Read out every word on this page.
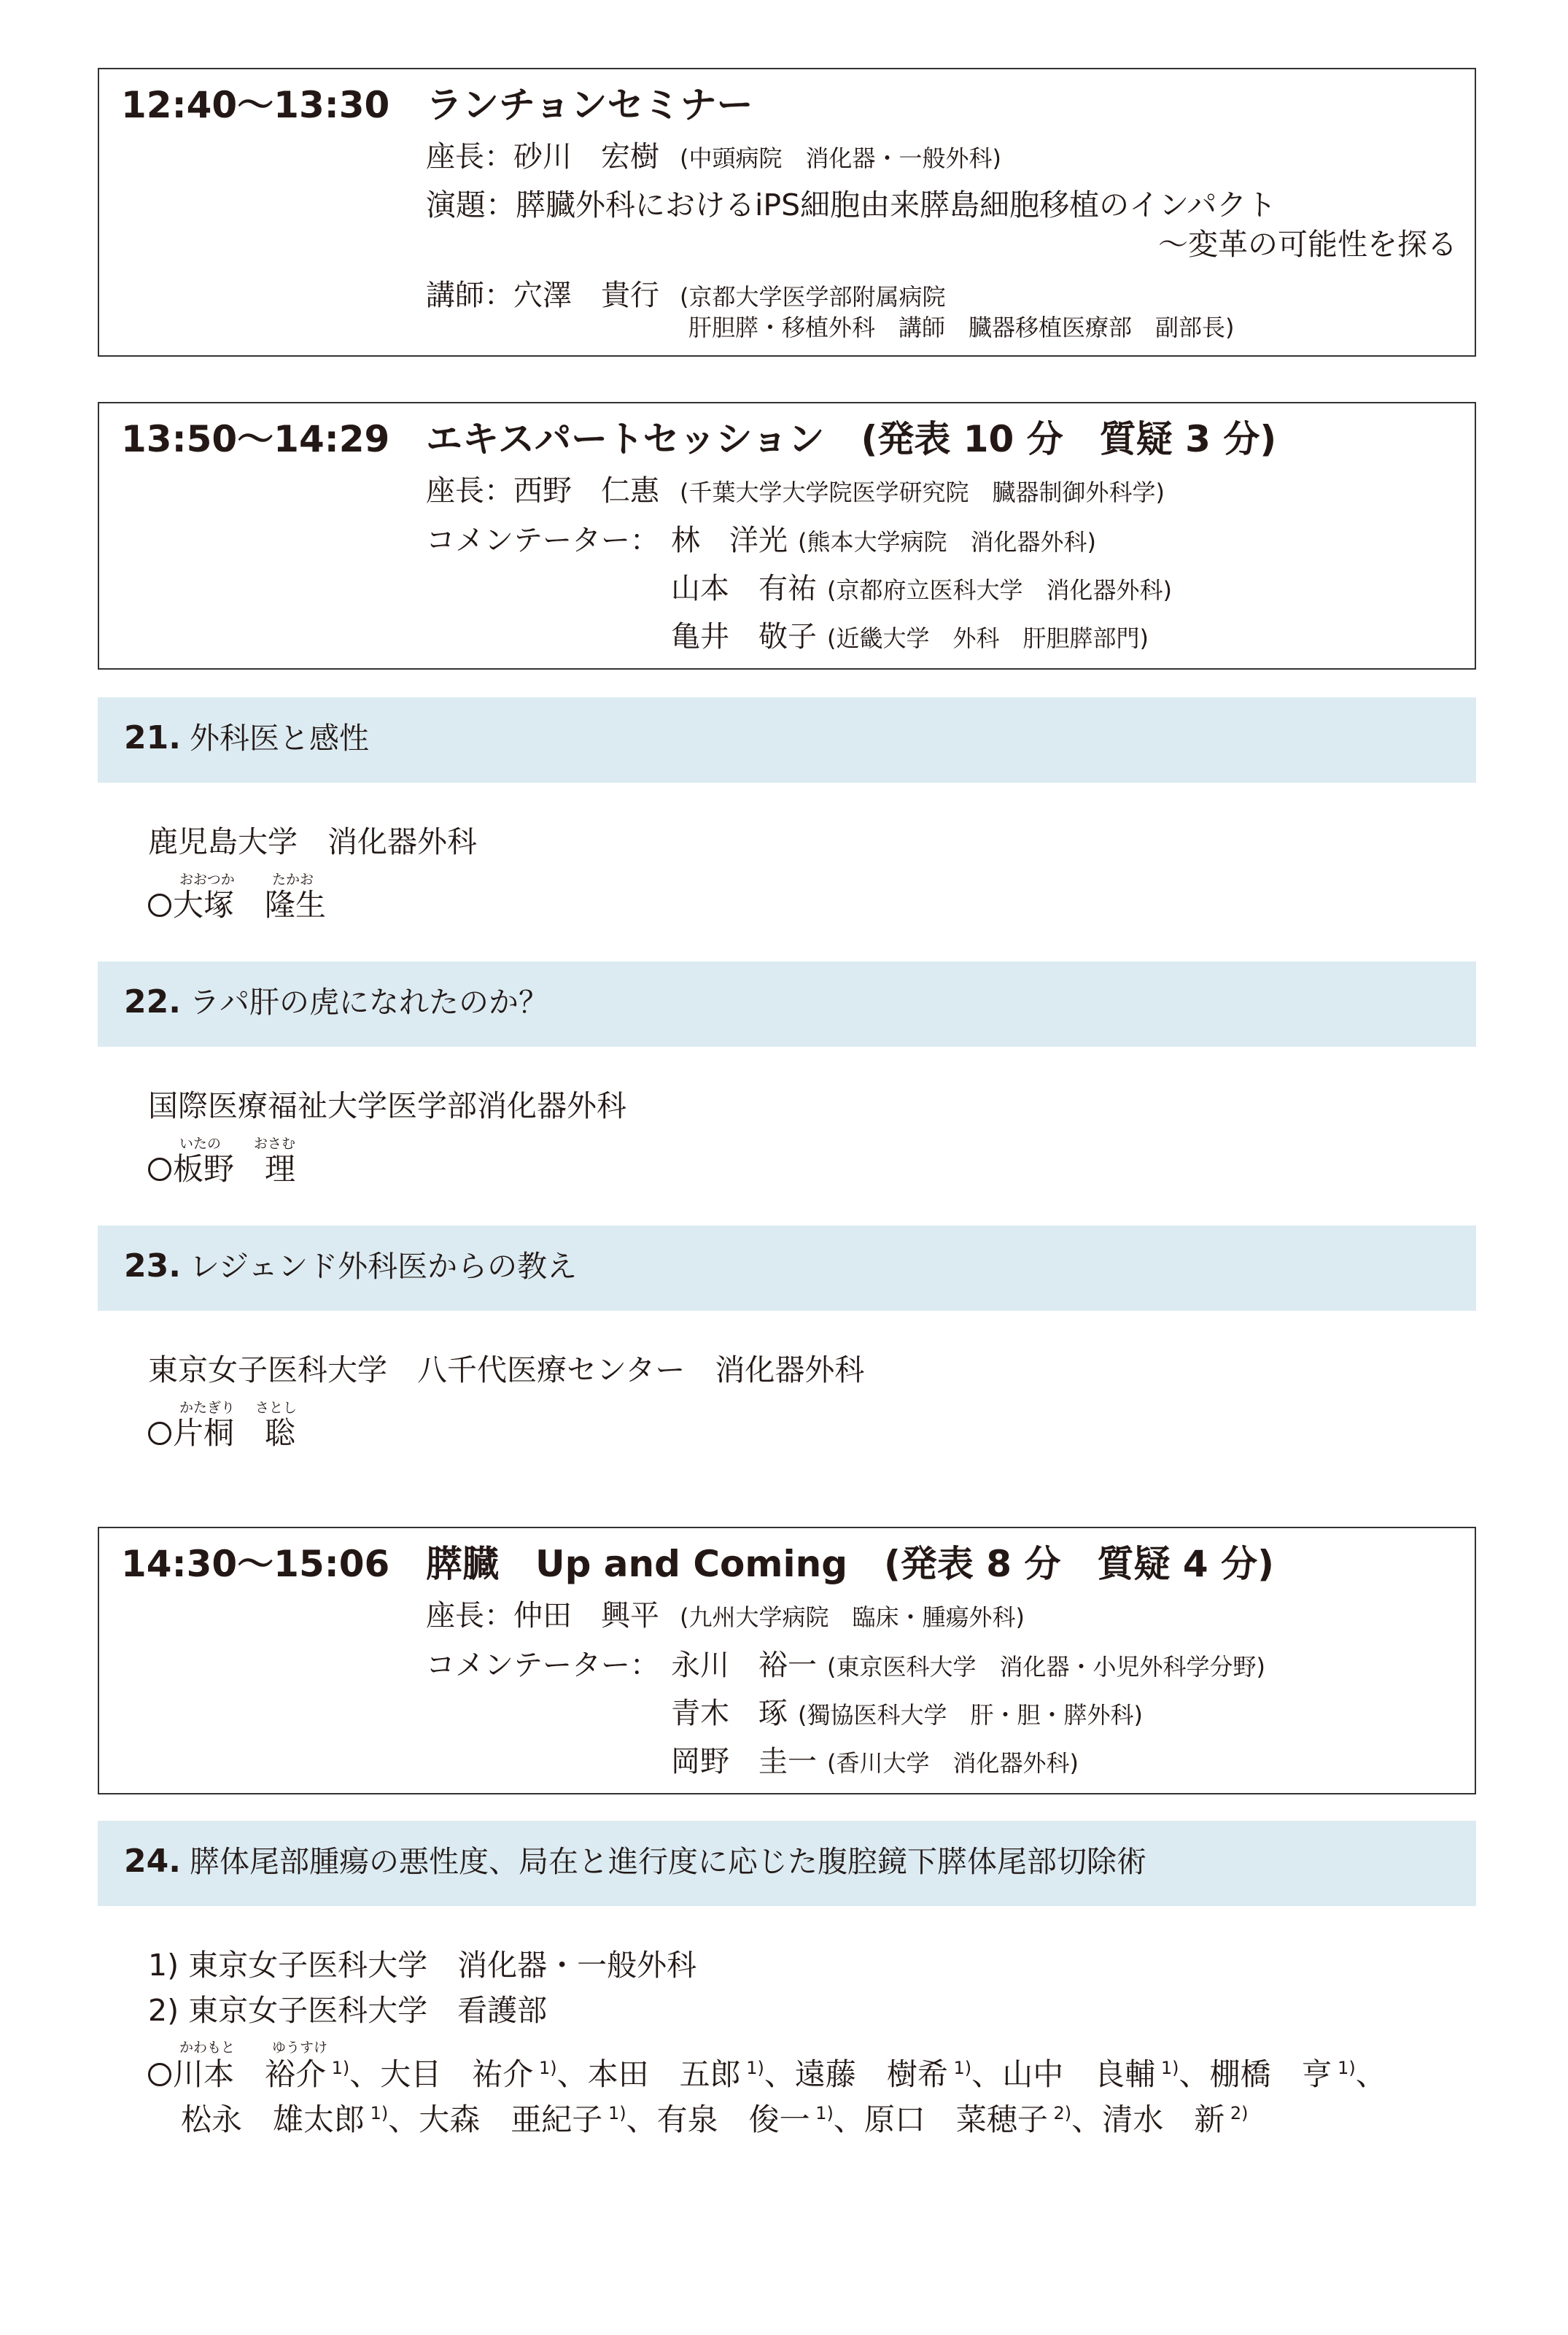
12:40〜13:30 ランチョンセミナー
座長：砂川　宏樹 (中頭病院　消化器・一般外科)
演題：膵臓外科におけるiPS細胞由来膵島細胞移植のインパクト
〜変革の可能性を探る
講師：穴澤　貴行 (京都大学医学部附属病院
肝胆膵・移植外科　講師　臓器移植医療部　副部長)
13:50〜14:29 エキスパートセッション　(発表 10 分　質疑 3 分)
座長：西野　仁惠 (千葉大学大学院医学研究院　臓器制御外科学)
コメンテーター： 林　洋光 (熊本大学病院　消化器外科)
山本　有祐 (京都府立医科大学　消化器外科)
亀井　敬子 (近畿大学　外科　肝胆膵部門)
21. 外科医と感性
鹿児島大学　消化器外科
おおつか	たかお
大塚　隆生
22. ラパ肝の虎になれたのか？
国際医療福祉大学医学部消化器外科
いたの おさむ
板野　理
23. レジェンド外科医からの教え
東京女子医科大学　八千代医療センター　消化器外科
かたぎり さとし
片桐　聡
14:30〜15:06 膵臓　Up and Coming　(発表 8 分　質疑 4 分)
座長：仲田　興平 (九州大学病院　臨床・腫瘍外科)
コメンテーター： 永川　裕一 (東京医科大学　消化器・小児外科学分野)
青木　琢 (獨協医科大学　肝・胆・膵外科)
岡野　圭一 (香川大学　消化器外科)
24. 膵体尾部腫瘍の悪性度、局在と進行度に応じた腹腔鏡下膵体尾部切除術
1) 東京女子医科大学　消化器・一般外科
2) 東京女子医科大学　看護部
かわもと	ゆうすけ
川本　裕介 $^{1)}$、大目　祐介 $^{1)}$、本田　五郎 $^{1)}$、遠藤　樹希 $^{1)}$、山中　良輔 $^{1)}$、棚橋　亨 $^{1)}$、
松永　雄太郎 $^{1)}$、大森　亜紀子 $^{1)}$、有泉　俊一 $^{1)}$、原口　菜穂子 $^{2)}$、清水　新 $^{2)}$
